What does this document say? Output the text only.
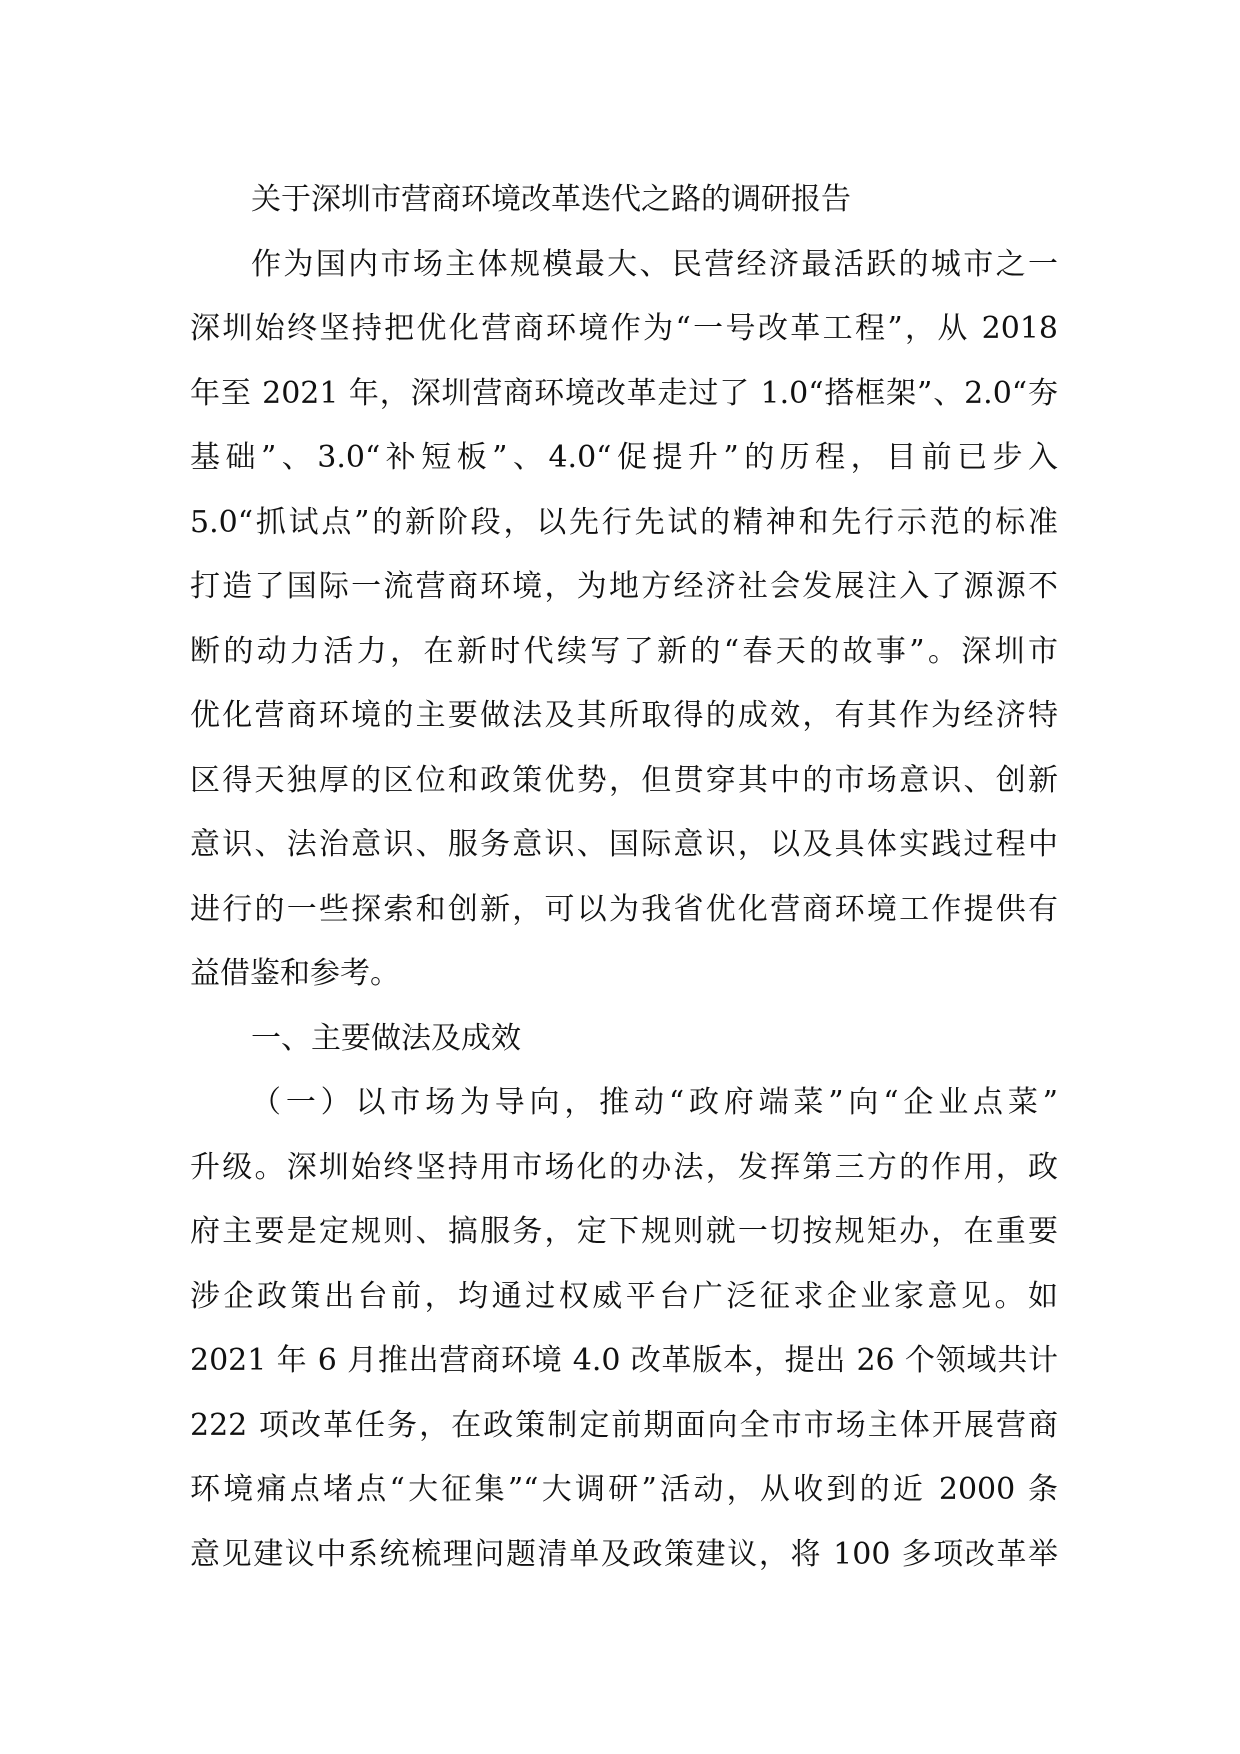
关于深圳市营商环境改革迭代之路的调研报告
作为国内市场主体规模最大、民营经济最活跃的城市之一
深圳始终坚持把优化营商环境作为“一号改革工程”，从 2018
年至 2021 年，深圳营商环境改革走过了 1.0“搭框架”、2.0“夯
基础”、3.0“补短板”、4.0“促提升”的历程，目前已步入
5.0“抓试点”的新阶段，以先行先试的精神和先行示范的标准
打造了国际一流营商环境，为地方经济社会发展注入了源源不
断的动力活力，在新时代续写了新的“春天的故事”。深圳市
优化营商环境的主要做法及其所取得的成效，有其作为经济特
区得天独厚的区位和政策优势，但贯穿其中的市场意识、创新
意识、法治意识、服务意识、国际意识，以及具体实践过程中
进行的一些探索和创新，可以为我省优化营商环境工作提供有
益借鉴和参考。
一、主要做法及成效
（一）以市场为导向，推动“政府端菜”向“企业点菜”
升级。深圳始终坚持用市场化的办法，发挥第三方的作用，政
府主要是定规则、搞服务，定下规则就一切按规矩办，在重要
涉企政策出台前，均通过权威平台广泛征求企业家意见。如
2021 年 6 月推出营商环境 4.0 改革版本，提出 26 个领域共计
222 项改革任务，在政策制定前期面向全市市场主体开展营商
环境痛点堵点“大征集”“大调研”活动，从收到的近 2000 条
意见建议中系统梳理问题清单及政策建议，将 100 多项改革举
